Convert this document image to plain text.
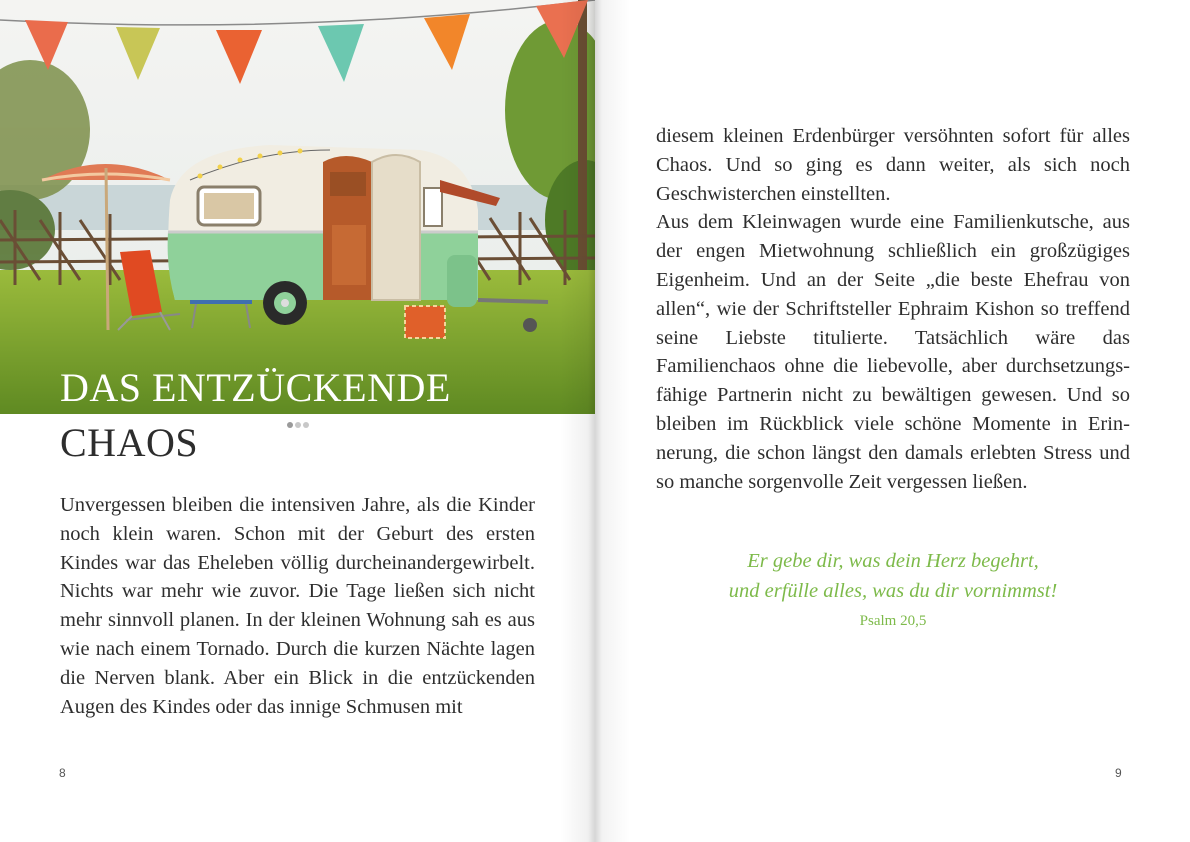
DAS ENTZÜCKENDE
CHAOS

Unvergessen bleiben die intensiven Jahre, als die Kinder noch klein waren. Schon mit der Geburt des ersten Kindes war das Eheleben völlig durcheinandergewirbelt. Nichts war mehr wie zuvor. Die Tage ließen sich nicht mehr sinnvoll planen. In der kleinen Wohnung sah es aus wie nach einem Tornado. Durch die kurzen Nächte lagen die Nerven blank. Aber ein Blick in die entzückenden Augen des Kindes oder das innige Schmusen mit

8

diesem kleinen Erdenbürger versöhnten sofort für alles Chaos. Und so ging es dann weiter, als sich noch Geschwisterchen einstellten.

Aus dem Kleinwagen wurde eine Familienkutsche, aus der engen Mietwohnung schließlich ein großzügiges Eigenheim. Und an der Seite „die beste Ehefrau von allen“, wie der Schriftsteller Ephraim Kishon so treffend seine Liebste titulierte. Tatsächlich wäre das Familienchaos ohne die liebevolle, aber durchsetzungsfähige Partnerin nicht zu bewältigen gewesen. Und so bleiben im Rückblick viele schöne Momente in Erinnerung, die schon längst den damals erlebten Stress und so manche sorgenvolle Zeit vergessen ließen.

Er gebe dir, was dein Herz begehrt,
und erfülle alles, was du dir vornimmst!
Psalm 20,5
9
